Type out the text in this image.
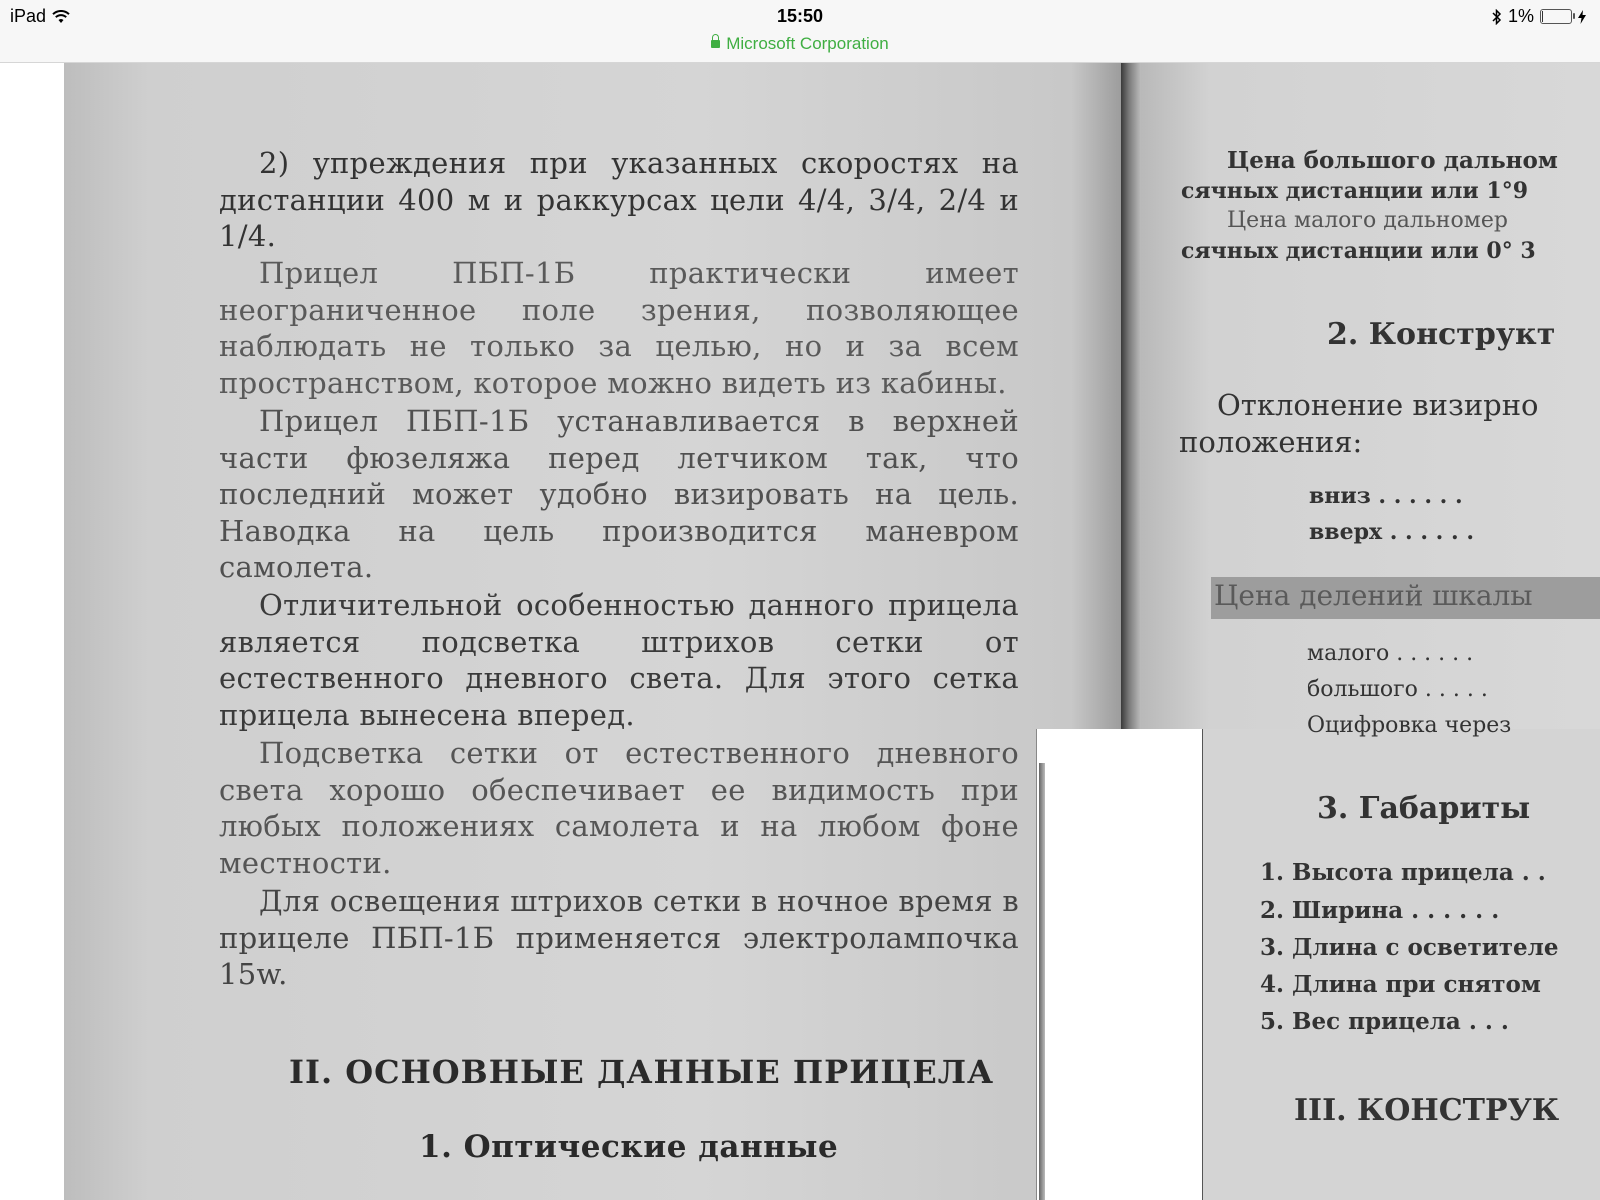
iPad	15:50	1%
Microsoft Corporation
2) упреждения при указанных скоростях на дистанции 400 м и раккурсах цели 4/4, 3/4, 2/4 и 1/4.
Прицел ПБП-1Б практически имеет неограниченное поле зрения, позволяющее наблюдать не только за целью, но и за всем пространством, которое можно видеть из кабины.
Прицел ПБП-1Б устанавливается в верхней части фюзеляжа перед летчиком так, что последний может удобно визировать на цель. Наводка на цель производится маневром самолета.
Отличительной особенностью данного прицела является подсветка штрихов сетки от естественного дневного света. Для этого сетка прицела вынесена вперед.
Подсветка сетки от естественного дневного света хорошо обеспечивает ее видимость при любых положениях самолета и на любом фоне местности.
Для освещения штрихов сетки в ночное время в прицеле ПБП-1Б применяется электролампочка 15w.
II. ОСНОВНЫЕ ДАННЫЕ ПРИЦЕЛА
1. Оптические данные
Цена большого дальном
сячных дистанции или 1°9
Цена малого дальномер
сячных дистанции или 0° 3
2. Конструкт
Отклонение визирно
положения:
вниз . . . . . .
вверх . . . . . .
Цена делений шкалы
малого . . . . . .
большого . . . . .
Оцифровка через
3. Габариты
1. Высота прицела . .
2. Ширина . . . . . .
3. Длина с осветителе
4. Длина при снятом
5. Вес прицела . . .
III. КОНСТРУК
